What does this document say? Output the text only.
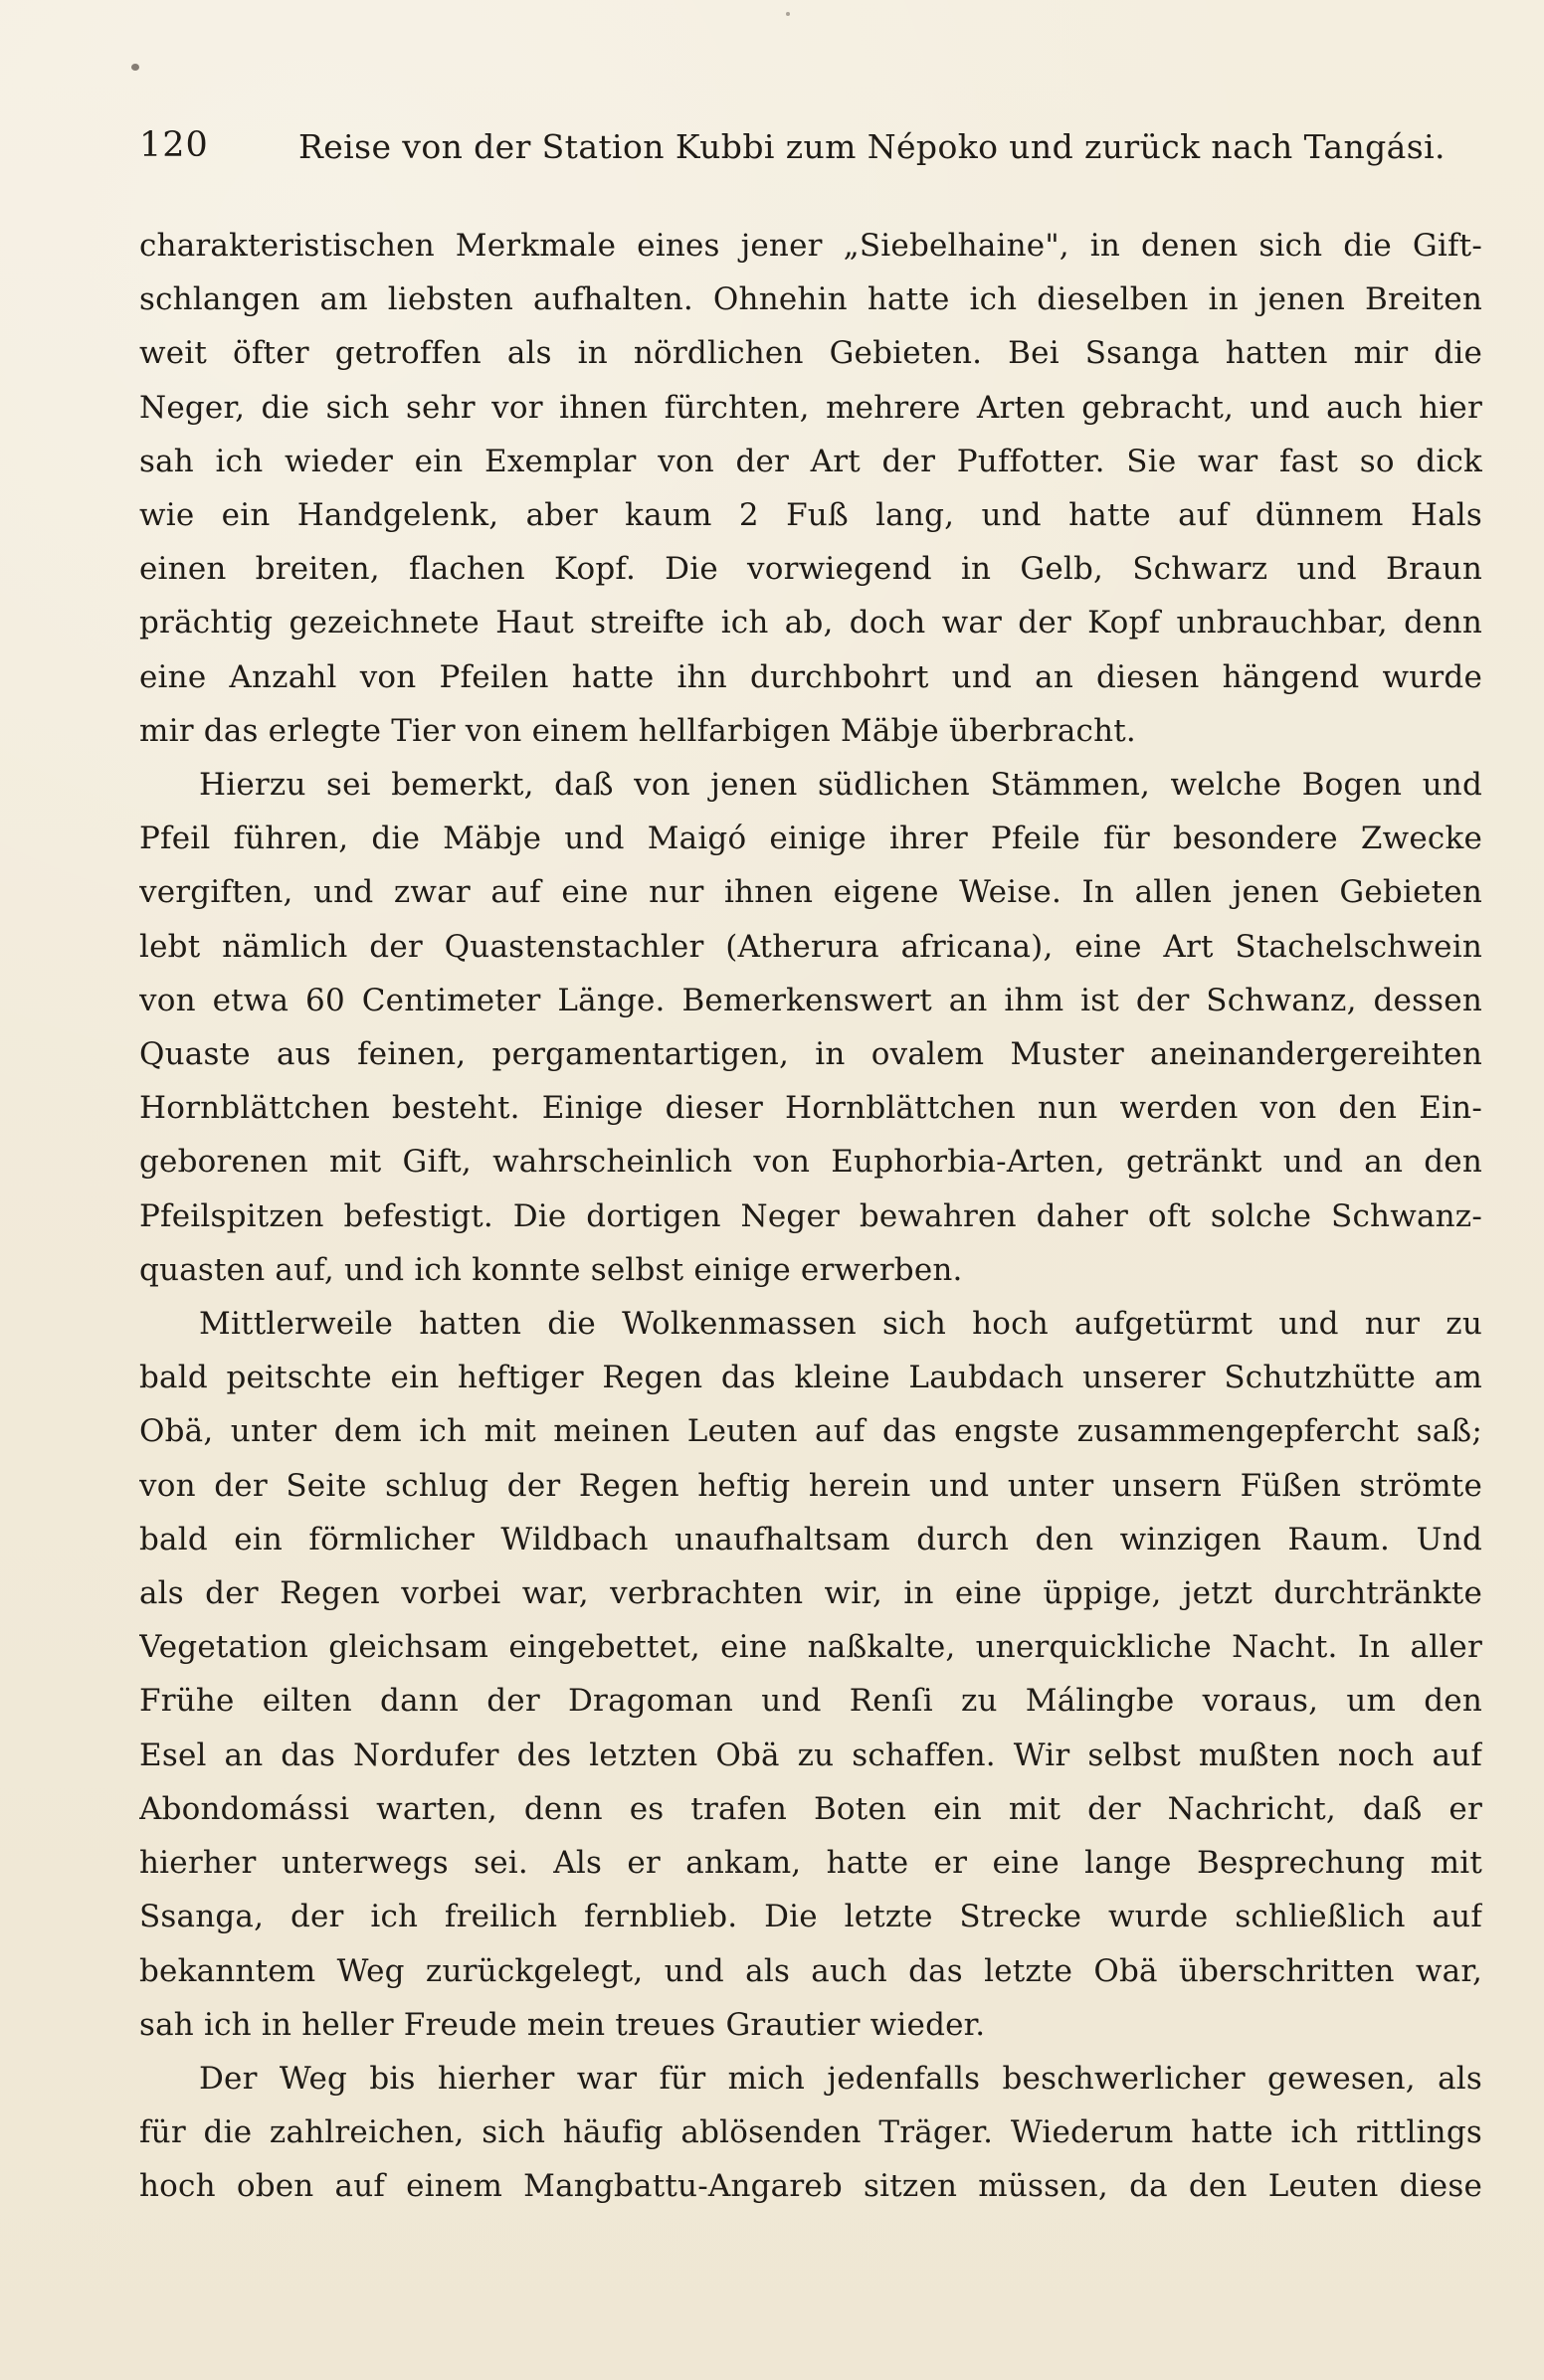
120	Reise von der Station Kubbi zum Népoko und zurück nach Tangási.

charakteristischen Merkmale eines jener „Siebelhaine", in denen sich die Gift-
schlangen am liebsten aufhalten. Ohnehin hatte ich dieselben in jenen Breiten
weit öfter getroffen als in nördlichen Gebieten. Bei Ssanga hatten mir die
Neger, die sich sehr vor ihnen fürchten, mehrere Arten gebracht, und auch hier
sah ich wieder ein Exemplar von der Art der Puffotter. Sie war fast so dick
wie ein Handgelenk, aber kaum 2 Fuß lang, und hatte auf dünnem Hals
einen breiten, flachen Kopf. Die vorwiegend in Gelb, Schwarz und Braun
prächtig gezeichnete Haut streifte ich ab, doch war der Kopf unbrauchbar, denn
eine Anzahl von Pfeilen hatte ihn durchbohrt und an diesen hängend wurde
mir das erlegte Tier von einem hellfarbigen Mäbje überbracht.

Hierzu sei bemerkt, daß von jenen südlichen Stämmen, welche Bogen und
Pfeil führen, die Mäbje und Maigó einige ihrer Pfeile für besondere Zwecke
vergiften, und zwar auf eine nur ihnen eigene Weise. In allen jenen Gebieten
lebt nämlich der Quastenstachler (Atherura africana), eine Art Stachelschwein
von etwa 60 Centimeter Länge. Bemerkenswert an ihm ist der Schwanz, dessen
Quaste aus feinen, pergamentartigen, in ovalem Muster aneinandergereihten
Hornblättchen besteht. Einige dieser Hornblättchen nun werden von den Ein-
geborenen mit Gift, wahrscheinlich von Euphorbia-Arten, getränkt und an den
Pfeilspitzen befestigt. Die dortigen Neger bewahren daher oft solche Schwanz-
quasten auf, und ich konnte selbst einige erwerben.

Mittlerweile hatten die Wolkenmassen sich hoch aufgetürmt und nur zu
bald peitschte ein heftiger Regen das kleine Laubdach unserer Schutzhütte am
Obä, unter dem ich mit meinen Leuten auf das engste zusammengepfercht saß;
von der Seite schlug der Regen heftig herein und unter unsern Füßen strömte
bald ein förmlicher Wildbach unaufhaltsam durch den winzigen Raum. Und
als der Regen vorbei war, verbrachten wir, in eine üppige, jetzt durchtränkte
Vegetation gleichsam eingebettet, eine naßkalte, unerquickliche Nacht. In aller
Frühe eilten dann der Dragoman und Renſi zu Málingbe voraus, um den
Esel an das Nordufer des letzten Obä zu schaffen. Wir selbst mußten noch auf
Abondomássi warten, denn es trafen Boten ein mit der Nachricht, daß er
hierher unterwegs sei. Als er ankam, hatte er eine lange Besprechung mit
Ssanga, der ich freilich fernblieb. Die letzte Strecke wurde schließlich auf
bekanntem Weg zurückgelegt, und als auch das letzte Obä überschritten war,
sah ich in heller Freude mein treues Grautier wieder.

Der Weg bis hierher war für mich jedenfalls beschwerlicher gewesen, als
für die zahlreichen, sich häufig ablösenden Träger. Wiederum hatte ich rittlings
hoch oben auf einem Mangbattu-Angareb sitzen müssen, da den Leuten diese
